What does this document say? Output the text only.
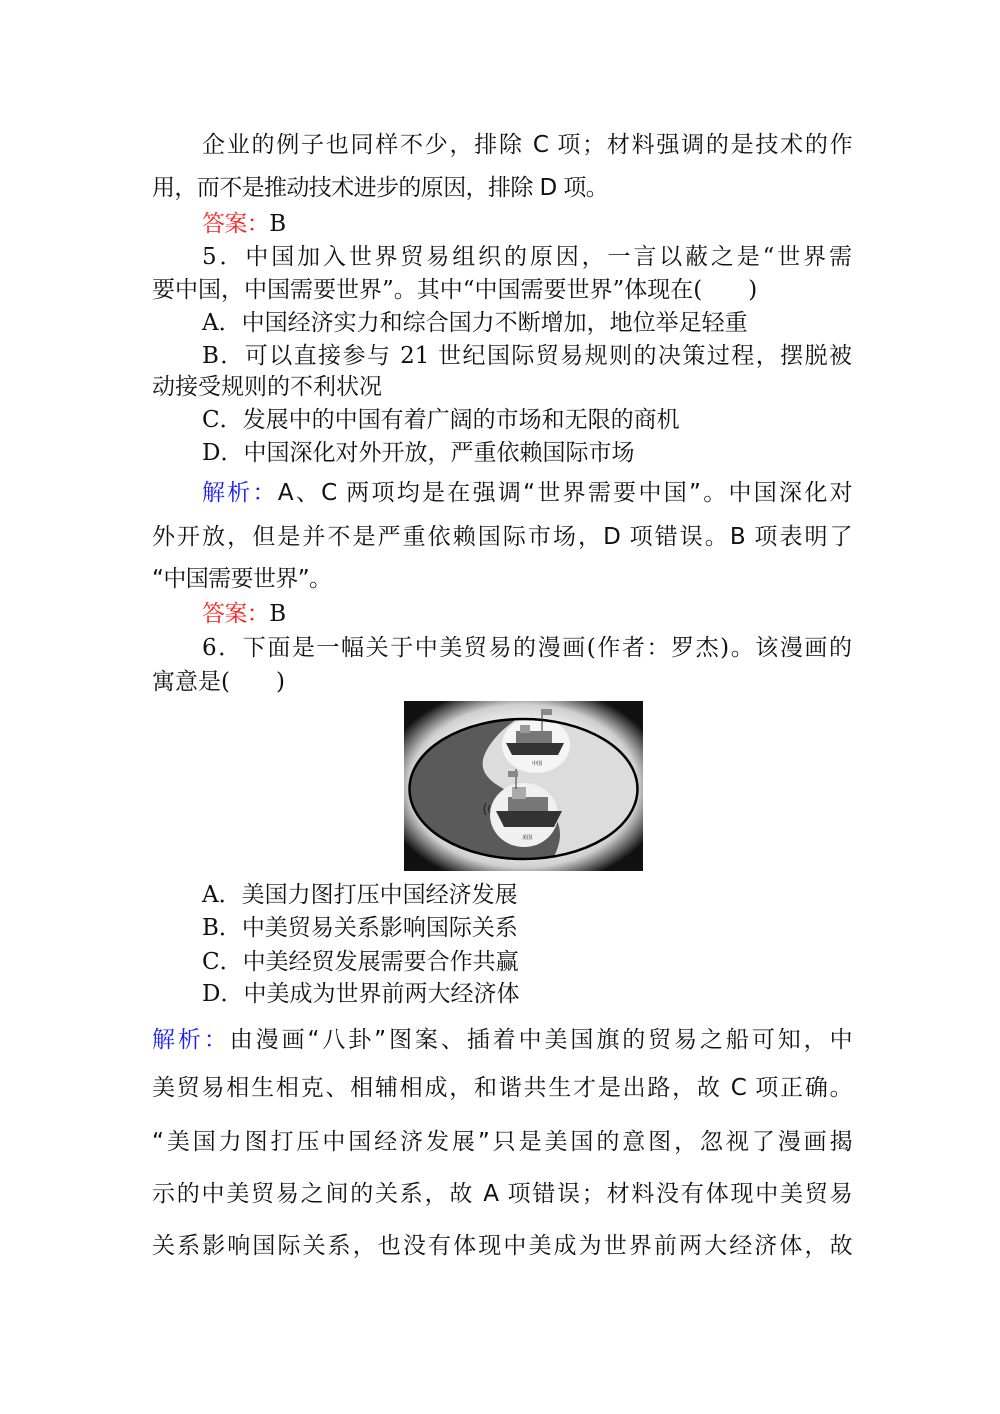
企业的例子也同样不少，排除 C 项；材料强调的是技术的作
用，而不是推动技术进步的原因，排除 D 项。
答案：B
5．中国加入世界贸易组织的原因，一言以蔽之是“世界需
要中国，中国需要世界”。其中“中国需要世界”体现在(　　)
A．中国经济实力和综合国力不断增加，地位举足轻重
B．可以直接参与 21 世纪国际贸易规则的决策过程，摆脱被
动接受规则的不利状况
C．发展中的中国有着广阔的市场和无限的商机
D．中国深化对外开放，严重依赖国际市场
解析：A、C 两项均是在强调“世界需要中国”。中国深化对
外开放，但是并不是严重依赖国际市场，D 项错误。B 项表明了
“中国需要世界”。
答案：B
6．下面是一幅关于中美贸易的漫画(作者：罗杰)。该漫画的
寓意是(　　)
中国
美国
A．美国力图打压中国经济发展
B．中美贸易关系影响国际关系
C．中美经贸发展需要合作共赢
D．中美成为世界前两大经济体
解析：由漫画“八卦”图案、插着中美国旗的贸易之船可知，中
美贸易相生相克、相辅相成，和谐共生才是出路，故 C 项正确。
“美国力图打压中国经济发展”只是美国的意图，忽视了漫画揭
示的中美贸易之间的关系，故 A 项错误；材料没有体现中美贸易
关系影响国际关系，也没有体现中美成为世界前两大经济体，故
